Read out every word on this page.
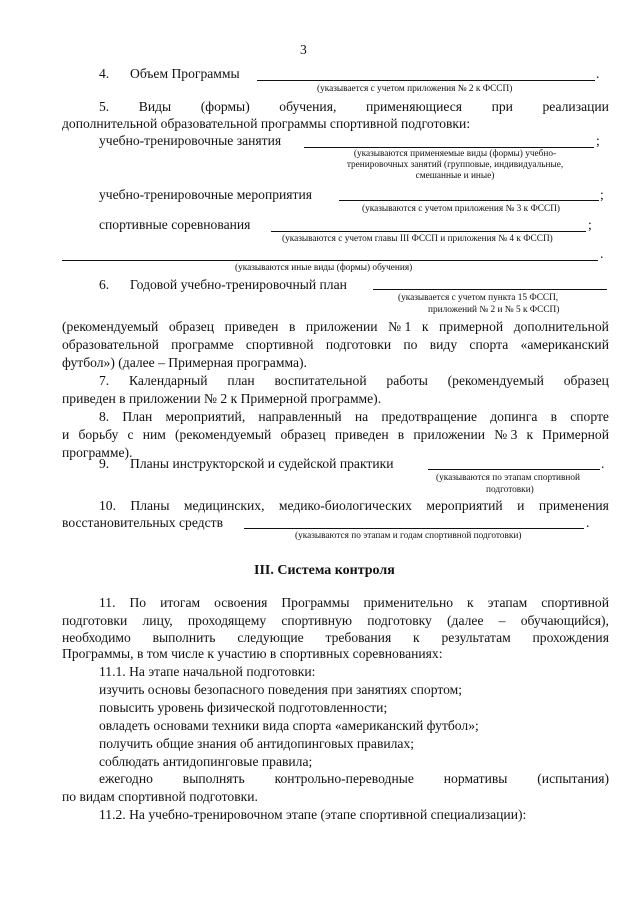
3
4. Объем Программы	.
(указывается с учетом приложения № 2 к ФССП)
5. Виды (формы) обучения, применяющиеся при реализации
дополнительной образовательной программы спортивной подготовки:
учебно-тренировочные занятия	;
(указываются применяемые виды (формы) учебно-
тренировочных занятий (групповые, индивидуальные,
смешанные и иные)
учебно-тренировочные мероприятия	;
(указываются с учетом приложения № 3 к ФССП)
спортивные соревнования	;
(указываются с учетом главы III ФССП и приложения № 4 к ФССП)
.
(указываются иные виды (формы) обучения)
6. Годовой учебно-тренировочный план
(указывается с учетом пункта 15 ФССП,
приложений № 2 и № 5 к ФССП)
(рекомендуемый образец приведен в приложении № 1 к примерной дополнительной
образовательной программе спортивной подготовки по виду спорта «американский
футбол») (далее – Примерная программа).
7. Календарный план воспитательной работы (рекомендуемый образец
приведен в приложении № 2 к Примерной программе).
8. План мероприятий, направленный на предотвращение допинга в спорте
и борьбу с ним (рекомендуемый образец приведен в приложении № 3 к Примерной
программе).
9. Планы инструкторской и судейской практики	.
(указываются по этапам спортивной
подготовки)
10. Планы медицинских, медико-биологических мероприятий и применения
восстановительных средств	.
(указываются по этапам и годам спортивной подготовки)
III. Система контроля
11. По итогам освоения Программы применительно к этапам спортивной
подготовки лицу, проходящему спортивную подготовку (далее – обучающийся),
необходимо выполнить следующие требования к результатам прохождения
Программы, в том числе к участию в спортивных соревнованиях:
11.1. На этапе начальной подготовки:
изучить основы безопасного поведения при занятиях спортом;
повысить уровень физической подготовленности;
овладеть основами техники вида спорта «американский футбол»;
получить общие знания об антидопинговых правилах;
соблюдать антидопинговые правила;
ежегодно выполнять контрольно-переводные нормативы (испытания)
по видам спортивной подготовки.
11.2. На учебно-тренировочном этапе (этапе спортивной специализации):
